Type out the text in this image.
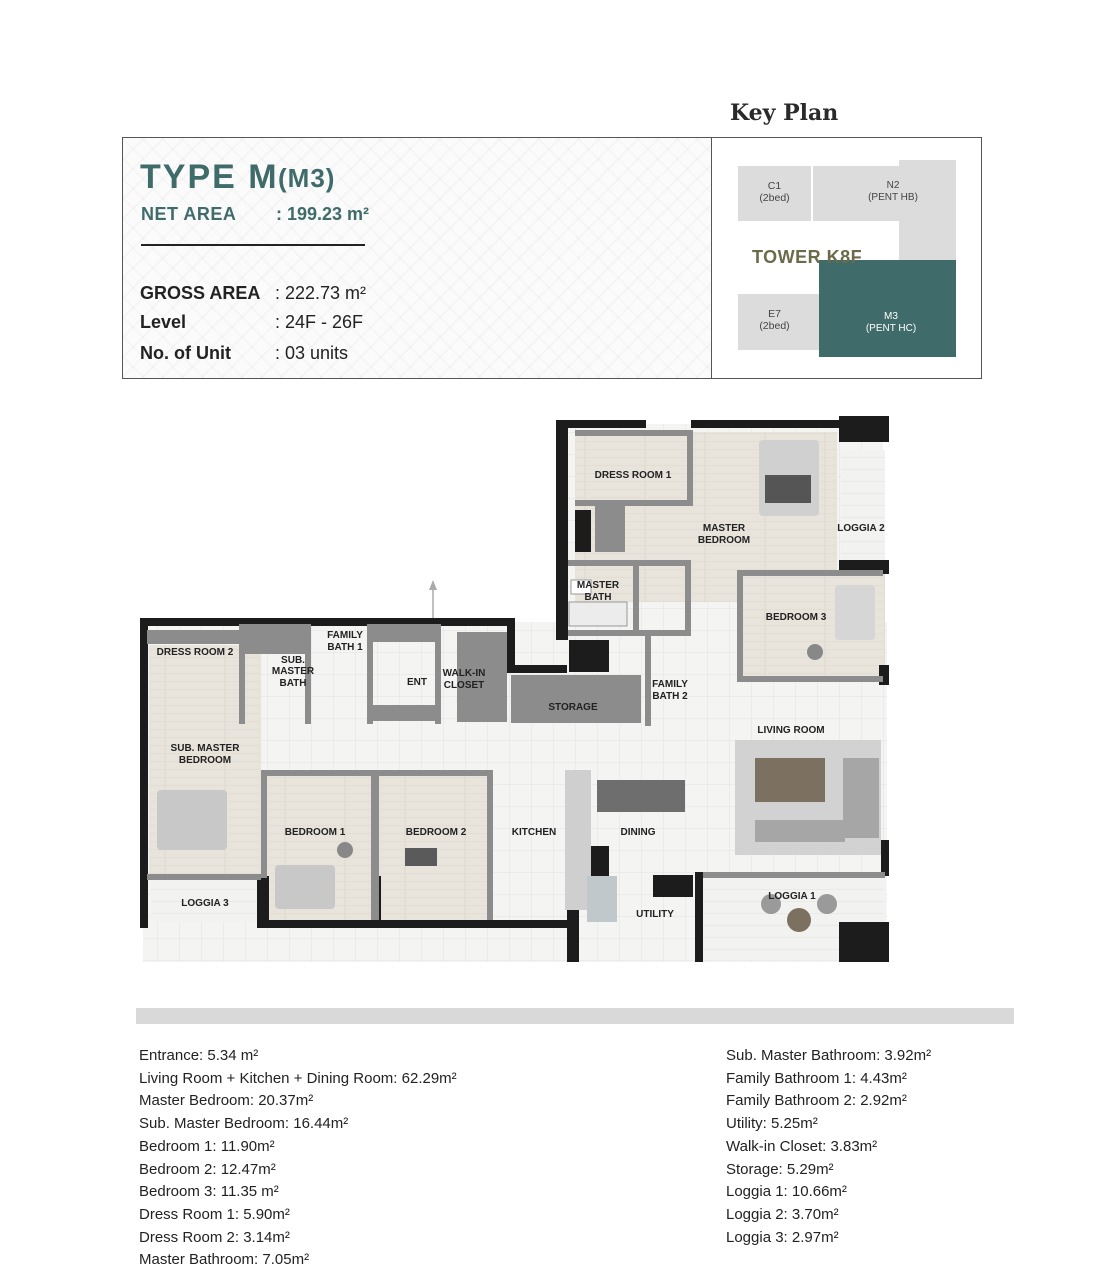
TYPE M (M3)
NET AREA : 199.23 m²
GROSS AREA : 222.73 m²
Level	: 24F - 26F
No. of Unit : 03 units
Key Plan
C1
(2bed)
N2
(PENT HB)
E7
(2bed)
M3
(PENT HC)
TOWER K8F
DRESS ROOM 1
MASTER
BEDROOM
LOGGIA 2
MASTER
BATH
BEDROOM 3
DRESS ROOM 2
SUB.
MASTER
BATH
FAMILY
BATH 1
ENT
WALK-IN
CLOSET	FAMILY
BATH 2
STORAGE
LIVING ROOM
SUB. MASTER
BEDROOM
BEDROOM 1	BEDROOM 2	KITCHEN	DINING
LOGGIA 1
UTILITY
LOGGIA 3
Entrance: 5.34 m²
Living Room + Kitchen + Dining Room: 62.29m²
Master Bedroom: 20.37m²
Sub. Master Bedroom: 16.44m²
Bedroom 1: 11.90m²
Bedroom 2: 12.47m²
Bedroom 3: 11.35 m²
Dress Room 1: 5.90m²
Dress Room 2: 3.14m²
Master Bathroom: 7.05m²
Sub. Master Bathroom: 3.92m²
Family Bathroom 1: 4.43m²
Family Bathroom 2: 2.92m²
Utility: 5.25m²
Walk-in Closet: 3.83m²
Storage: 5.29m²
Loggia 1: 10.66m²
Loggia 2: 3.70m²
Loggia 3: 2.97m²
